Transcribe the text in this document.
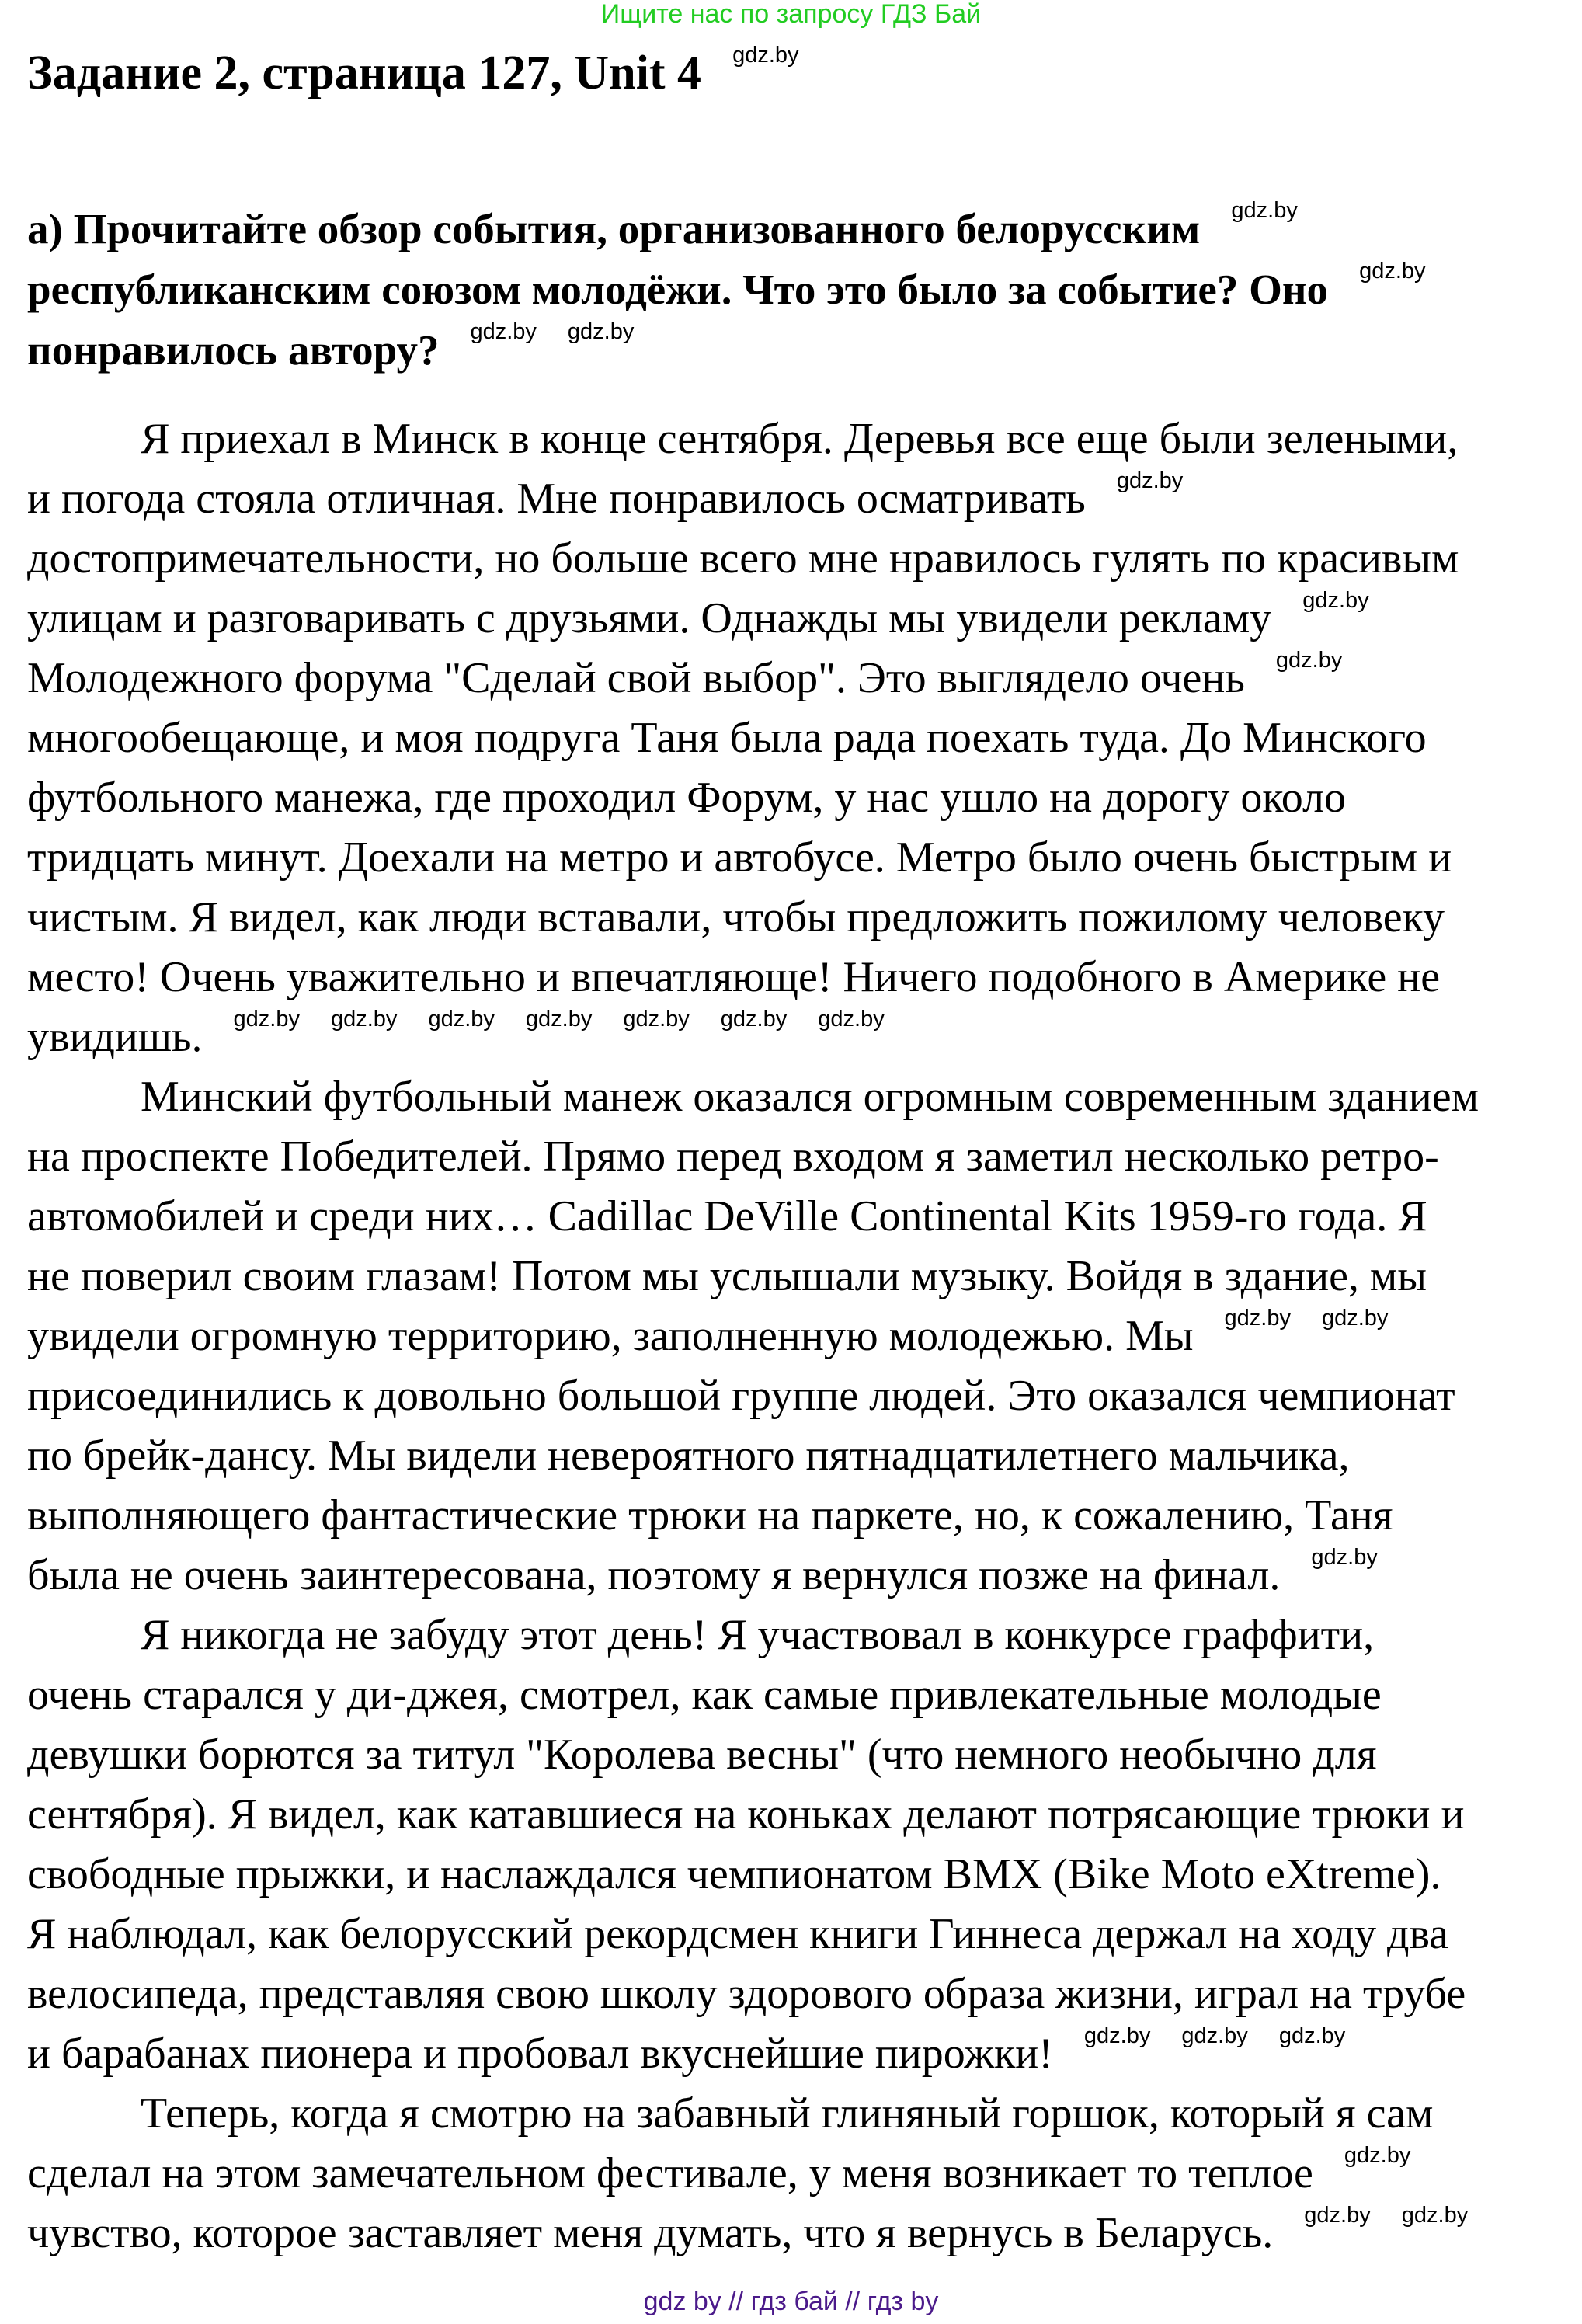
Ищите нас по запросу ГДЗ Бай
Задание 2, страница 127, Unit 4 gdz.by
а) Прочитайте обзор события, организованного белорусским gdz.by
республиканским союзом молодёжи. Что это было за событие? Оно gdz.by
понравилось автору? gdz.by gdz.by
Я приехал в Минск в конце сентября. Деревья все еще были зелеными,
и погода стояла отличная. Мне понравилось осматривать gdz.by
достопримечательности, но больше всего мне нравилось гулять по красивым
улицам и разговаривать с друзьями. Однажды мы увидели рекламу gdz.by
Молодежного форума "Сделай свой выбор". Это выглядело очень gdz.by
многообещающе, и моя подруга Таня была рада поехать туда. До Минского
футбольного манежа, где проходил Форум, у нас ушло на дорогу около
тридцать минут. Доехали на метро и автобусе. Метро было очень быстрым и
чистым. Я видел, как люди вставали, чтобы предложить пожилому человеку
место! Очень уважительно и впечатляюще! Ничего подобного в Америке не
увидишь. gdz.by gdz.by gdz.by gdz.by gdz.by gdz.by gdz.by
Минский футбольный манеж оказался огромным современным зданием
на проспекте Победителей. Прямо перед входом я заметил несколько ретро-
автомобилей и среди них… Cadillac DeVille Continental Kits 1959-го года. Я
не поверил своим глазам! Потом мы услышали музыку. Войдя в здание, мы
увидели огромную территорию, заполненную молодежью. Мы gdz.by gdz.by
присоединились к довольно большой группе людей. Это оказался чемпионат
по брейк-дансу. Мы видели невероятного пятнадцатилетнего мальчика,
выполняющего фантастические трюки на паркете, но, к сожалению, Таня
была не очень заинтересована, поэтому я вернулся позже на финал. gdz.by
Я никогда не забуду этот день! Я участвовал в конкурсе граффити,
очень старался у ди-джея, смотрел, как самые привлекательные молодые
девушки борются за титул "Королева весны" (что немного необычно для
сентября). Я видел, как катавшиеся на коньках делают потрясающие трюки и
свободные прыжки, и наслаждался чемпионатом BMX (Bike Moto eXtreme).
Я наблюдал, как белорусский рекордсмен книги Гиннеса держал на ходу два
велосипеда, представляя свою школу здорового образа жизни, играл на трубе
и барабанах пионера и пробовал вкуснейшие пирожки! gdz.by gdz.by gdz.by
Теперь, когда я смотрю на забавный глиняный горшок, который я сам
сделал на этом замечательном фестивале, у меня возникает то теплое gdz.by
чувство, которое заставляет меня думать, что я вернусь в Беларусь. gdz.by gdz.by
gdz by // гдз бай // гдз by
